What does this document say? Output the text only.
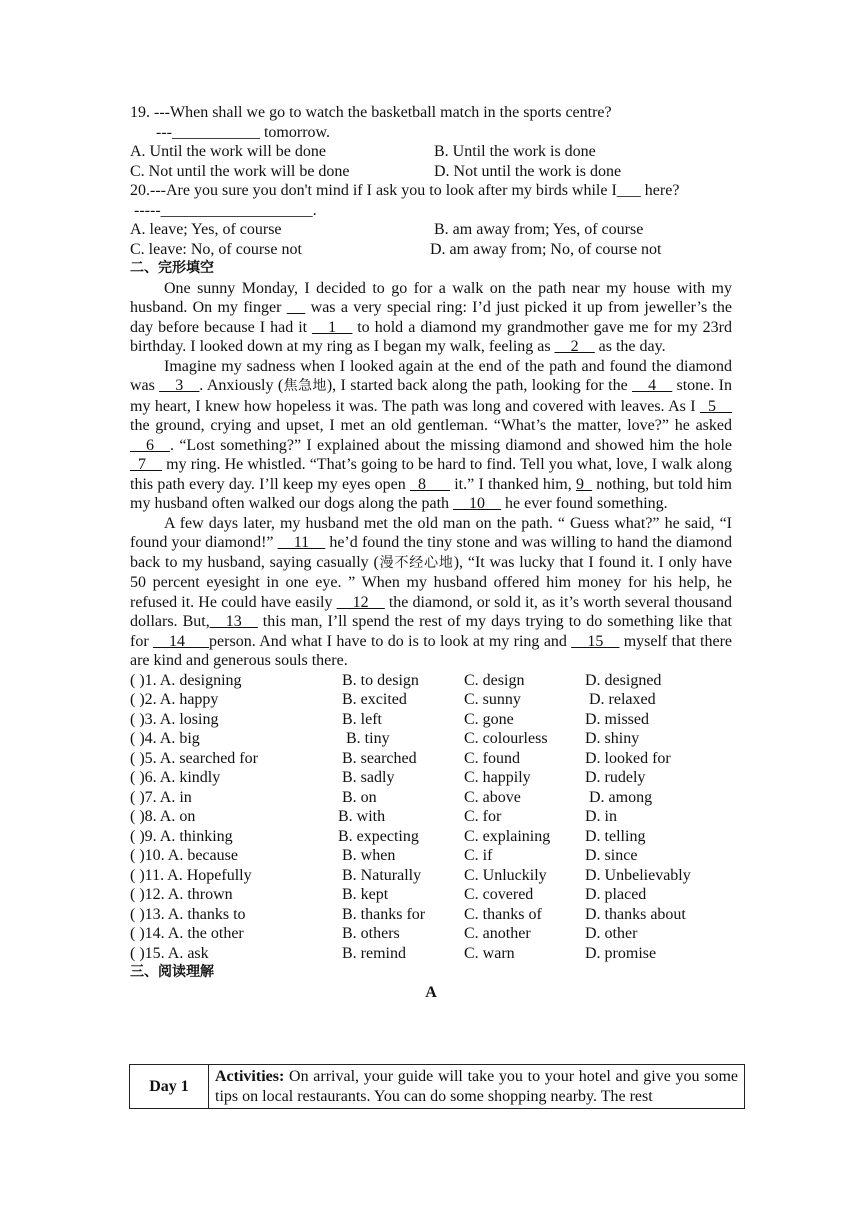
19. ---When shall we go to watch the basketball match in the sports centre?
---___________ tomorrow.
A. Until the work will be done	B. Until the work is done
C. Not until the work will be done	D. Not until the work is done
20.---Are you sure you don't mind if I ask you to look after my birds while I___ here?
-----___________________.
A. leave; Yes, of course	B. am away from; Yes, of course
C. leave: No, of course not	D. am away from; No, of course not
二、完形填空

One sunny Monday, I decided to go for a walk on the path near my house with my husband. On my finger  _  was a very special ring: I’d just picked it up from jeweller’s the day before because I had it __1__ to hold a diamond my grandmother gave me for my 23rd birthday. I looked down at my ring as I began my walk, feeling as __2__ as the day.

Imagine my sadness when I looked again at the end of the path and found the diamond was __3__. Anxiously (焦急地), I started back along the path, looking for the __4__ stone. In my heart, I knew how hopeless it was. The path was long and covered with leaves. As I _5__ the ground, crying and upset, I met an old gentleman. “What’s the matter, love?” he asked __6__. “Lost something?” I explained about the missing diamond and showed him the hole _7__ my ring. He whistled. “That’s going to be hard to find. Tell you what, love, I walk along this path every day. I’ll keep my eyes open _8___ it.” I thanked him, 9_ nothing, but told him my husband often walked our dogs along the path __10__ he ever found something.

A few days later, my husband met the old man on the path. “ Guess what?” he said, “I found your diamond!” __11__ he’d found the tiny stone and was willing to hand the diamond back to my husband, saying casually (漫不经心地), “It was lucky that I found it. I only have 50 percent eyesight in one eye. ” When my husband offered him money for his help, he refused it. He could have easily __12__ the diamond, or sold it, as it’s worth several thousand dollars. But,__13__ this man, I’ll spend the rest of my days trying to do something like that for __14___person. And what I have to do is to look at my ring and __15__ myself that there are kind and generous souls there.

( )1. A. designing	B. to design	C. design	D. designed
( )2. A. happy	B. excited	C. sunny	D. relaxed
( )3. A. losing	B. left	C. gone	D. missed
( )4. A. big	B. tiny	C. colourless D. shiny
( )5. A. searched for	B. searched	C. found	D. looked for
( )6. A. kindly	B. sadly	C. happily	D. rudely
( )7. A. in	B. on	C. above	D. among
( )8. A. on	B. with	C. for	D. in
( )9. A. thinking	B. expecting	C. explaining D. telling
( )10. A. because	B. when	C. if	D. since
( )11. A. Hopefully	B. Naturally	C. Unluckily D. Unbelievably
( )12. A. thrown	B. kept	C. covered	D. placed
( )13. A. thanks to	B. thanks for C. thanks of	D. thanks about
( )14. A. the other	B. others	C. another	D. other
( )15. A. ask	B. remind	C. warn	D. promise
三、阅读理解
A
Day 1	Activities: On arrival, your guide will take you to your hotel and give you some tips on local restaurants. You can do some shopping nearby. The rest
